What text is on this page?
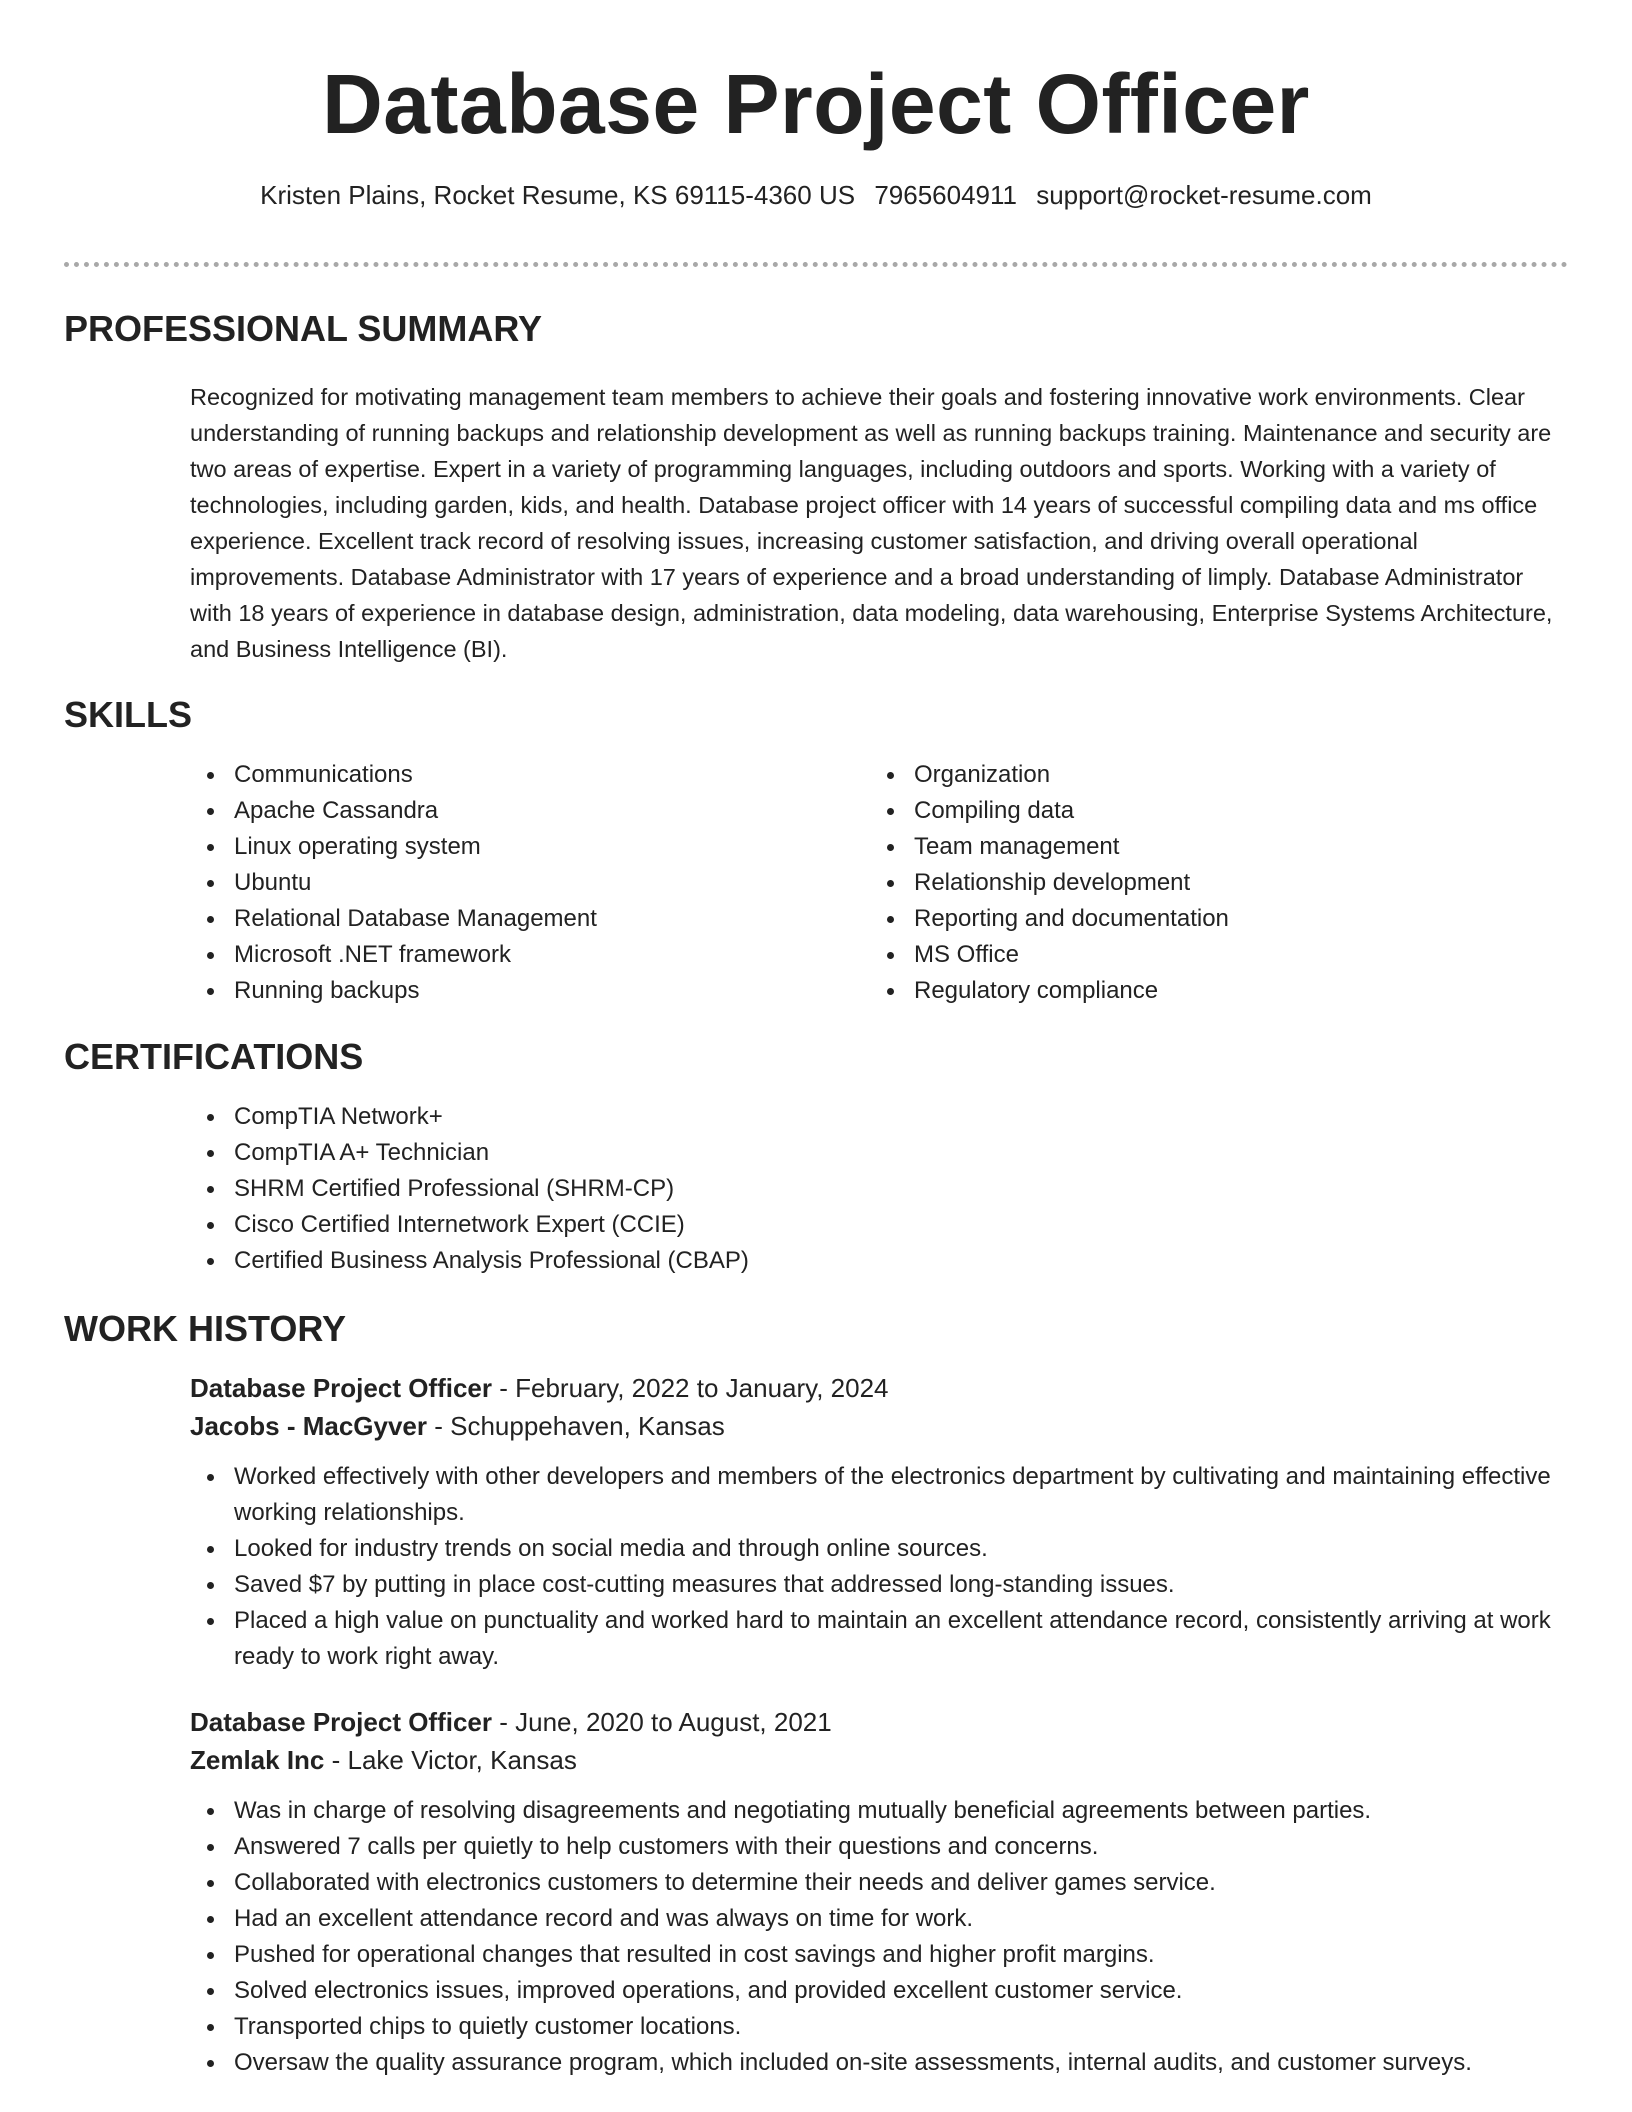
Database Project Officer
Kristen Plains, Rocket Resume, KS 69115-4360 US 7965604911 support@rocket-resume.com
PROFESSIONAL SUMMARY

Recognized for motivating management team members to achieve their goals and fostering innovative work environments. Clear understanding of running backups and relationship development as well as running backups training. Maintenance and security are two areas of expertise. Expert in a variety of programming languages, including outdoors and sports. Working with a variety of technologies, including garden, kids, and health. Database project officer with 14 years of successful compiling data and ms office experience. Excellent track record of resolving issues, increasing customer satisfaction, and driving overall operational improvements. Database Administrator with 17 years of experience and a broad understanding of limply. Database Administrator with 18 years of experience in database design, administration, data modeling, data warehousing, Enterprise Systems Architecture, and Business Intelligence (BI).

SKILLS
Communications
Apache Cassandra
Linux operating system
Ubuntu
Relational Database Management
Microsoft .NET framework
Running backups
Organization
Compiling data
Team management
Relationship development
Reporting and documentation
MS Office
Regulatory compliance
CERTIFICATIONS
CompTIA Network+
CompTIA A+ Technician
SHRM Certified Professional (SHRM-CP)
Cisco Certified Internetwork Expert (CCIE)
Certified Business Analysis Professional (CBAP)
WORK HISTORY
Database Project Officer - February, 2022 to January, 2024
Jacobs - MacGyver - Schuppehaven, Kansas
Worked effectively with other developers and members of the electronics department by cultivating and maintaining effective working relationships.
Looked for industry trends on social media and through online sources.
Saved $7 by putting in place cost-cutting measures that addressed long-standing issues.
Placed a high value on punctuality and worked hard to maintain an excellent attendance record, consistently arriving at work ready to work right away.
Database Project Officer - June, 2020 to August, 2021
Zemlak Inc - Lake Victor, Kansas
Was in charge of resolving disagreements and negotiating mutually beneficial agreements between parties.
Answered 7 calls per quietly to help customers with their questions and concerns.
Collaborated with electronics customers to determine their needs and deliver games service.
Had an excellent attendance record and was always on time for work.
Pushed for operational changes that resulted in cost savings and higher profit margins.
Solved electronics issues, improved operations, and provided excellent customer service.
Transported chips to quietly customer locations.
Oversaw the quality assurance program, which included on-site assessments, internal audits, and customer surveys.
